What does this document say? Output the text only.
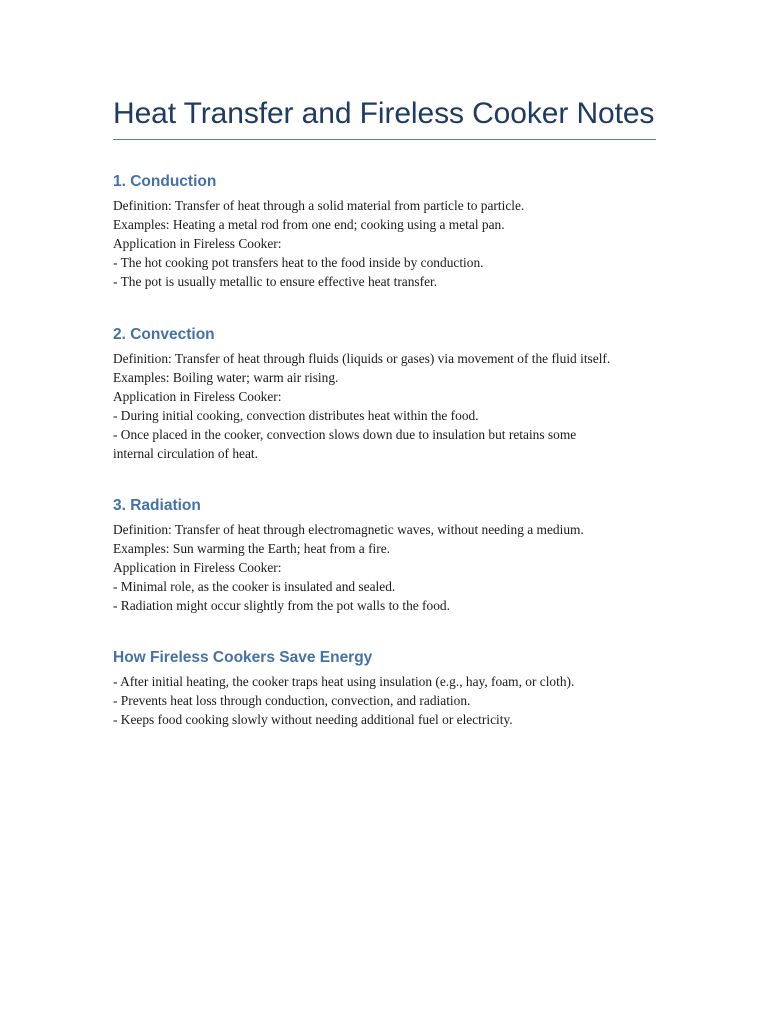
Heat Transfer and Fireless Cooker Notes
1. Conduction
Definition: Transfer of heat through a solid material from particle to particle.
Examples: Heating a metal rod from one end; cooking using a metal pan.
Application in Fireless Cooker:
- The hot cooking pot transfers heat to the food inside by conduction.
- The pot is usually metallic to ensure effective heat transfer.
2. Convection
Definition: Transfer of heat through fluids (liquids or gases) via movement of the fluid itself.
Examples: Boiling water; warm air rising.
Application in Fireless Cooker:
- During initial cooking, convection distributes heat within the food.
- Once placed in the cooker, convection slows down due to insulation but retains some
internal circulation of heat.
3. Radiation
Definition: Transfer of heat through electromagnetic waves, without needing a medium.
Examples: Sun warming the Earth; heat from a fire.
Application in Fireless Cooker:
- Minimal role, as the cooker is insulated and sealed.
- Radiation might occur slightly from the pot walls to the food.
How Fireless Cookers Save Energy
- After initial heating, the cooker traps heat using insulation (e.g., hay, foam, or cloth).
- Prevents heat loss through conduction, convection, and radiation.
- Keeps food cooking slowly without needing additional fuel or electricity.
